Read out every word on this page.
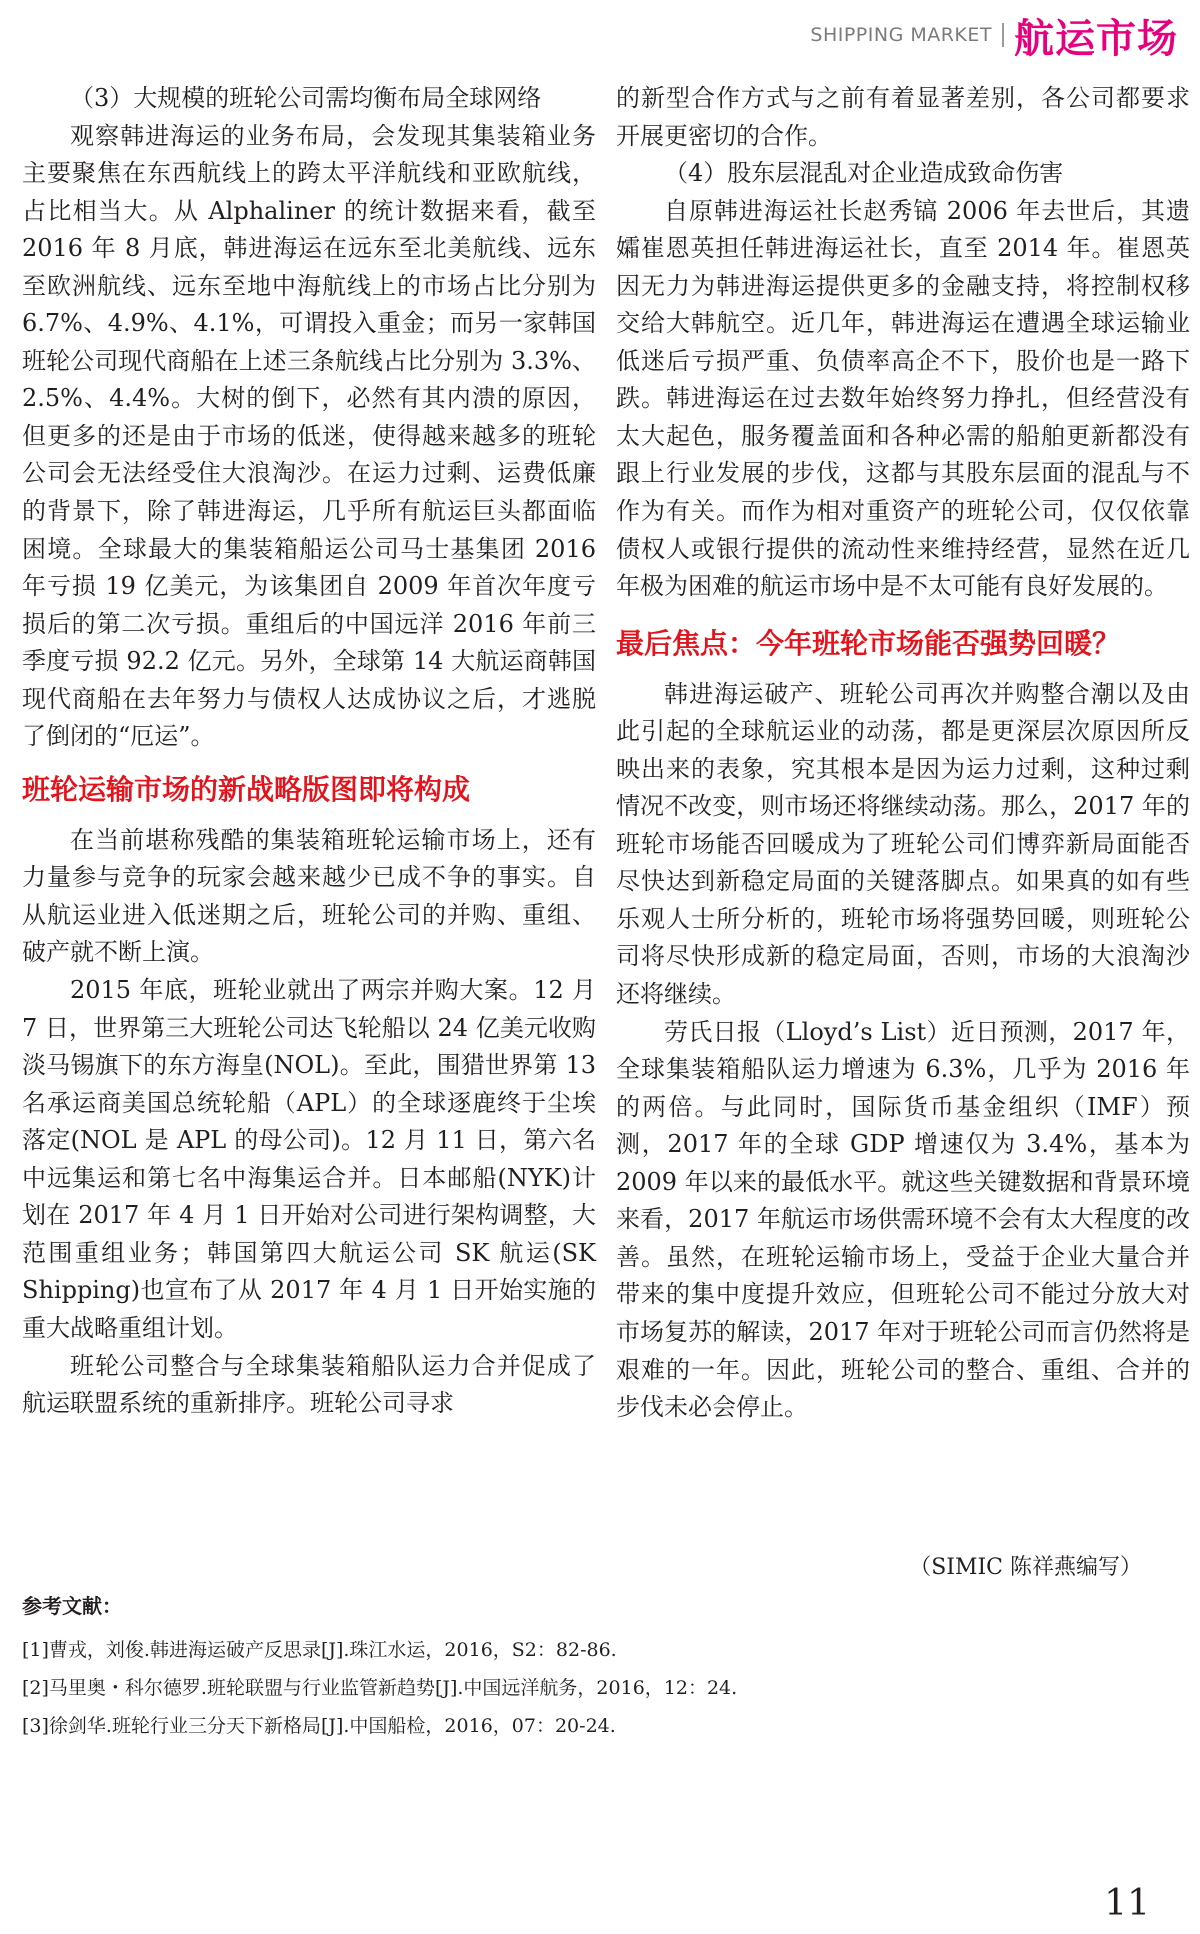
SHIPPING MARKET 航运市场

（3）大规模的班轮公司需均衡布局全球网络

观察韩进海运的业务布局，会发现其集装箱业务主要聚焦在东西航线上的跨太平洋航线和亚欧航线，占比相当大。从 Alphaliner 的统计数据来看，截至 2016 年 8 月底，韩进海运在远东至北美航线、远东至欧洲航线、远东至地中海航线上的市场占比分别为 6.7%、4.9%、4.1%，可谓投入重金；而另一家韩国班轮公司现代商船在上述三条航线占比分别为 3.3%、2.5%、4.4%。大树的倒下，必然有其内溃的原因，但更多的还是由于市场的低迷，使得越来越多的班轮公司会无法经受住大浪淘沙。在运力过剩、运费低廉的背景下，除了韩进海运，几乎所有航运巨头都面临困境。全球最大的集装箱船运公司马士基集团 2016 年亏损 19 亿美元，为该集团自 2009 年首次年度亏损后的第二次亏损。重组后的中国远洋 2016 年前三季度亏损 92.2 亿元。另外，全球第 14 大航运商韩国现代商船在去年努力与债权人达成协议之后，才逃脱了倒闭的“厄运”。

班轮运输市场的新战略版图即将构成

在当前堪称残酷的集装箱班轮运输市场上，还有力量参与竞争的玩家会越来越少已成不争的事实。自从航运业进入低迷期之后，班轮公司的并购、重组、破产就不断上演。

2015 年底，班轮业就出了两宗并购大案。12 月 7 日，世界第三大班轮公司达飞轮船以 24 亿美元收购淡马锡旗下的东方海皇(NOL)。至此，围猎世界第 13 名承运商美国总统轮船（APL）的全球逐鹿终于尘埃落定(NOL 是 APL 的母公司)。12 月 11 日，第六名中远集运和第七名中海集运合并。日本邮船(NYK)计划在 2017 年 4 月 1 日开始对公司进行架构调整，大范围重组业务；韩国第四大航运公司 SK 航运(SK Shipping)也宣布了从 2017 年 4 月 1 日开始实施的重大战略重组计划。

班轮公司整合与全球集装箱船队运力合并促成了航运联盟系统的重新排序。班轮公司寻求

的新型合作方式与之前有着显著差别，各公司都要求开展更密切的合作。

（4）股东层混乱对企业造成致命伤害

自原韩进海运社长赵秀镐 2006 年去世后，其遗孀崔恩英担任韩进海运社长，直至 2014 年。崔恩英因无力为韩进海运提供更多的金融支持，将控制权移交给大韩航空。近几年，韩进海运在遭遇全球运输业低迷后亏损严重、负债率高企不下，股价也是一路下跌。韩进海运在过去数年始终努力挣扎，但经营没有太大起色，服务覆盖面和各种必需的船舶更新都没有跟上行业发展的步伐，这都与其股东层面的混乱与不作为有关。而作为相对重资产的班轮公司，仅仅依靠债权人或银行提供的流动性来维持经营，显然在近几年极为困难的航运市场中是不太可能有良好发展的。

最后焦点：今年班轮市场能否强势回暖？

韩进海运破产、班轮公司再次并购整合潮以及由此引起的全球航运业的动荡，都是更深层次原因所反映出来的表象，究其根本是因为运力过剩，这种过剩情况不改变，则市场还将继续动荡。那么，2017 年的班轮市场能否回暖成为了班轮公司们博弈新局面能否尽快达到新稳定局面的关键落脚点。如果真的如有些乐观人士所分析的，班轮市场将强势回暖，则班轮公司将尽快形成新的稳定局面，否则，市场的大浪淘沙还将继续。

劳氏日报（Lloyd’s List）近日预测，2017 年，全球集装箱船队运力增速为 6.3%，几乎为 2016 年的两倍。与此同时，国际货币基金组织（IMF）预测，2017 年的全球 GDP 增速仅为 3.4%，基本为 2009 年以来的最低水平。就这些关键数据和背景环境来看，2017 年航运市场供需环境不会有太大程度的改善。虽然，在班轮运输市场上，受益于企业大量合并带来的集中度提升效应，但班轮公司不能过分放大对市场复苏的解读，2017 年对于班轮公司而言仍然将是艰难的一年。因此，班轮公司的整合、重组、合并的步伐未必会停止。

（SIMIC 陈祥燕编写）
参考文献：
[1]曹戎，刘俊.韩进海运破产反思录[J].珠江水运，2016，S2：82-86.
[2]马里奥・科尔德罗.班轮联盟与行业监管新趋势[J].中国远洋航务，2016，12：24.
[3]徐剑华.班轮行业三分天下新格局[J].中国船检，2016，07：20-24.
11
